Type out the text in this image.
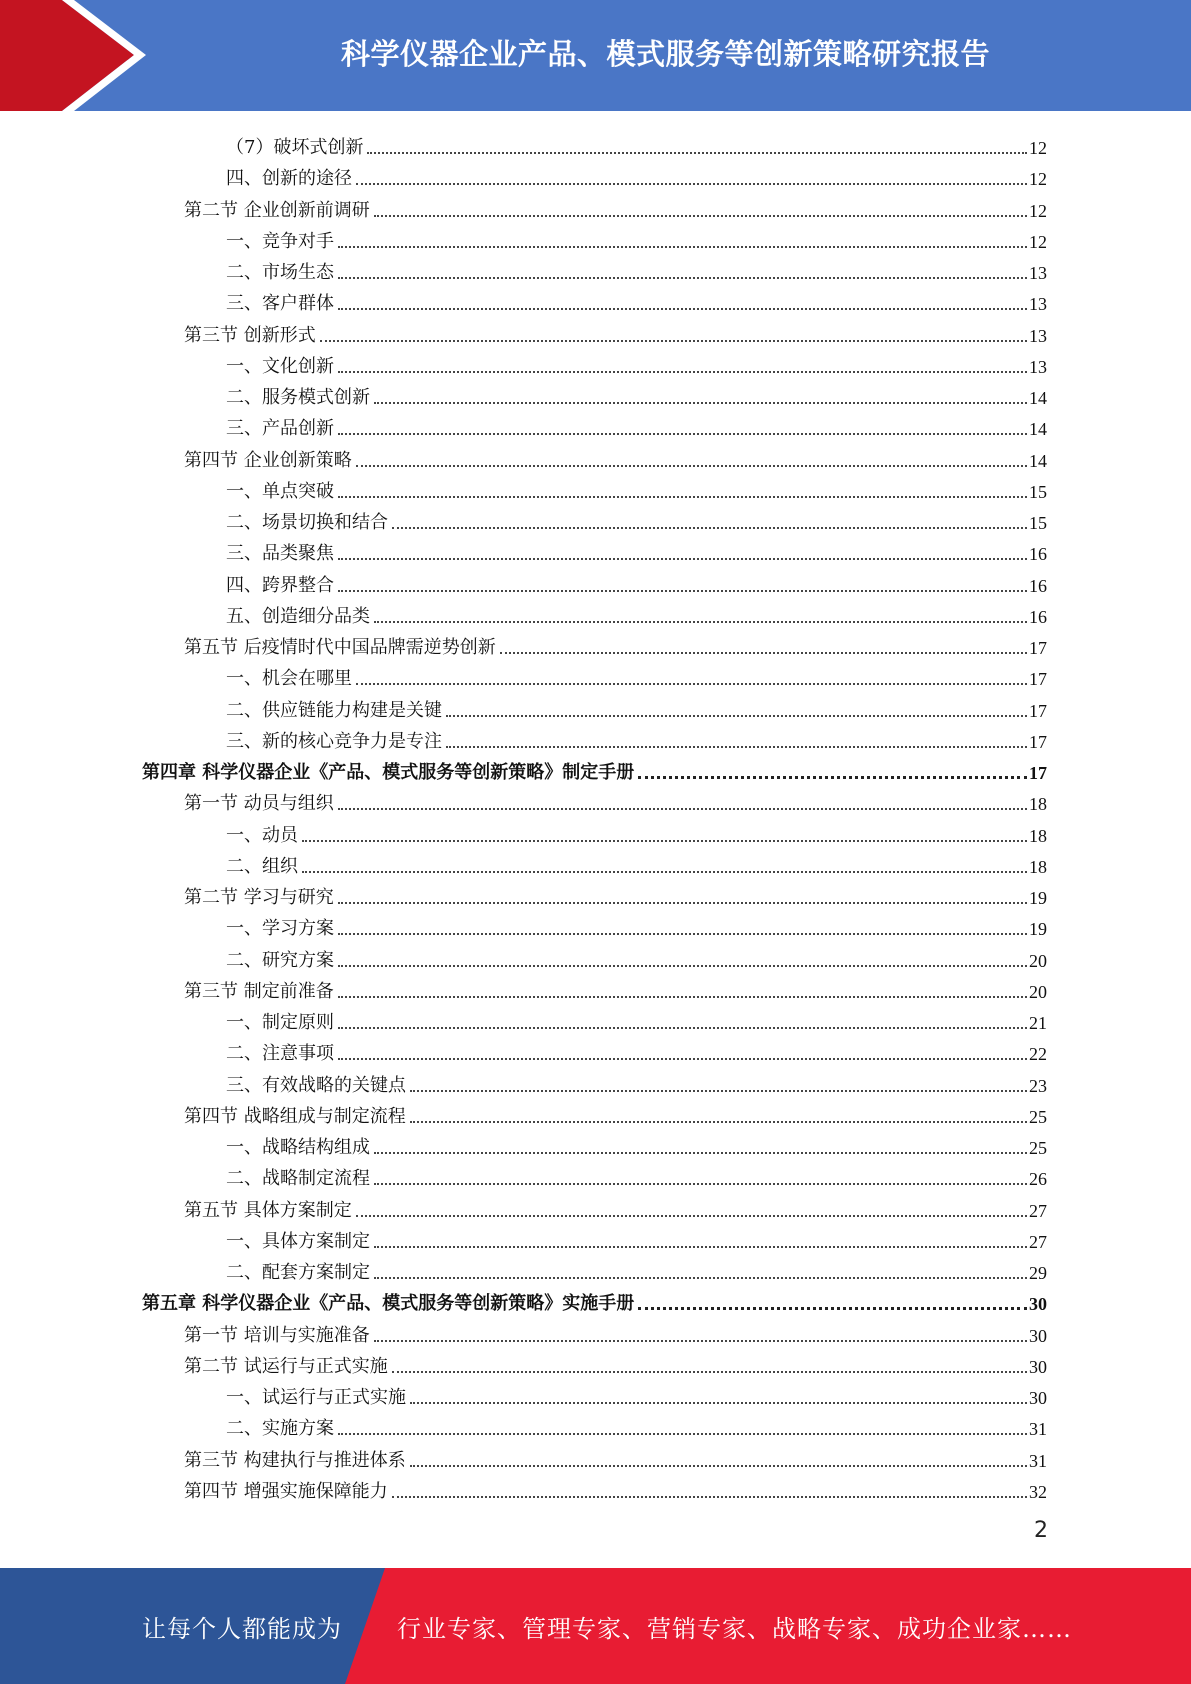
科学仪器企业产品、模式服务等创新策略研究报告
（7）破坏式创新	12
四、创新的途径	12
第二节 企业创新前调研	12
一、竞争对手	12
二、市场生态	13
三、客户群体	13
第三节 创新形式	13
一、文化创新	13
二、服务模式创新	14
三、产品创新	14
第四节 企业创新策略	14
一、单点突破	15
二、场景切换和结合	15
三、品类聚焦	16
四、跨界整合	16
五、创造细分品类	16
第五节 后疫情时代中国品牌需逆势创新	17
一、机会在哪里	17
二、供应链能力构建是关键	17
三、新的核心竞争力是专注	17
第四章 科学仪器企业《产品、模式服务等创新策略》制定手册	17
第一节 动员与组织	18
一、动员	18
二、组织	18
第二节 学习与研究	19
一、学习方案	19
二、研究方案	20
第三节 制定前准备	20
一、制定原则	21
二、注意事项	22
三、有效战略的关键点	23
第四节 战略组成与制定流程	25
一、战略结构组成	25
二、战略制定流程	26
第五节 具体方案制定	27
一、具体方案制定	27
二、配套方案制定	29
第五章 科学仪器企业《产品、模式服务等创新策略》实施手册	30
第一节 培训与实施准备	30
第二节 试运行与正式实施	30
一、试运行与正式实施	30
二、实施方案	31
第三节 构建执行与推进体系	31
第四节 增强实施保障能力	32
2
让每个人都能成为 行业专家、管理专家、营销专家、战略专家、成功企业家……
